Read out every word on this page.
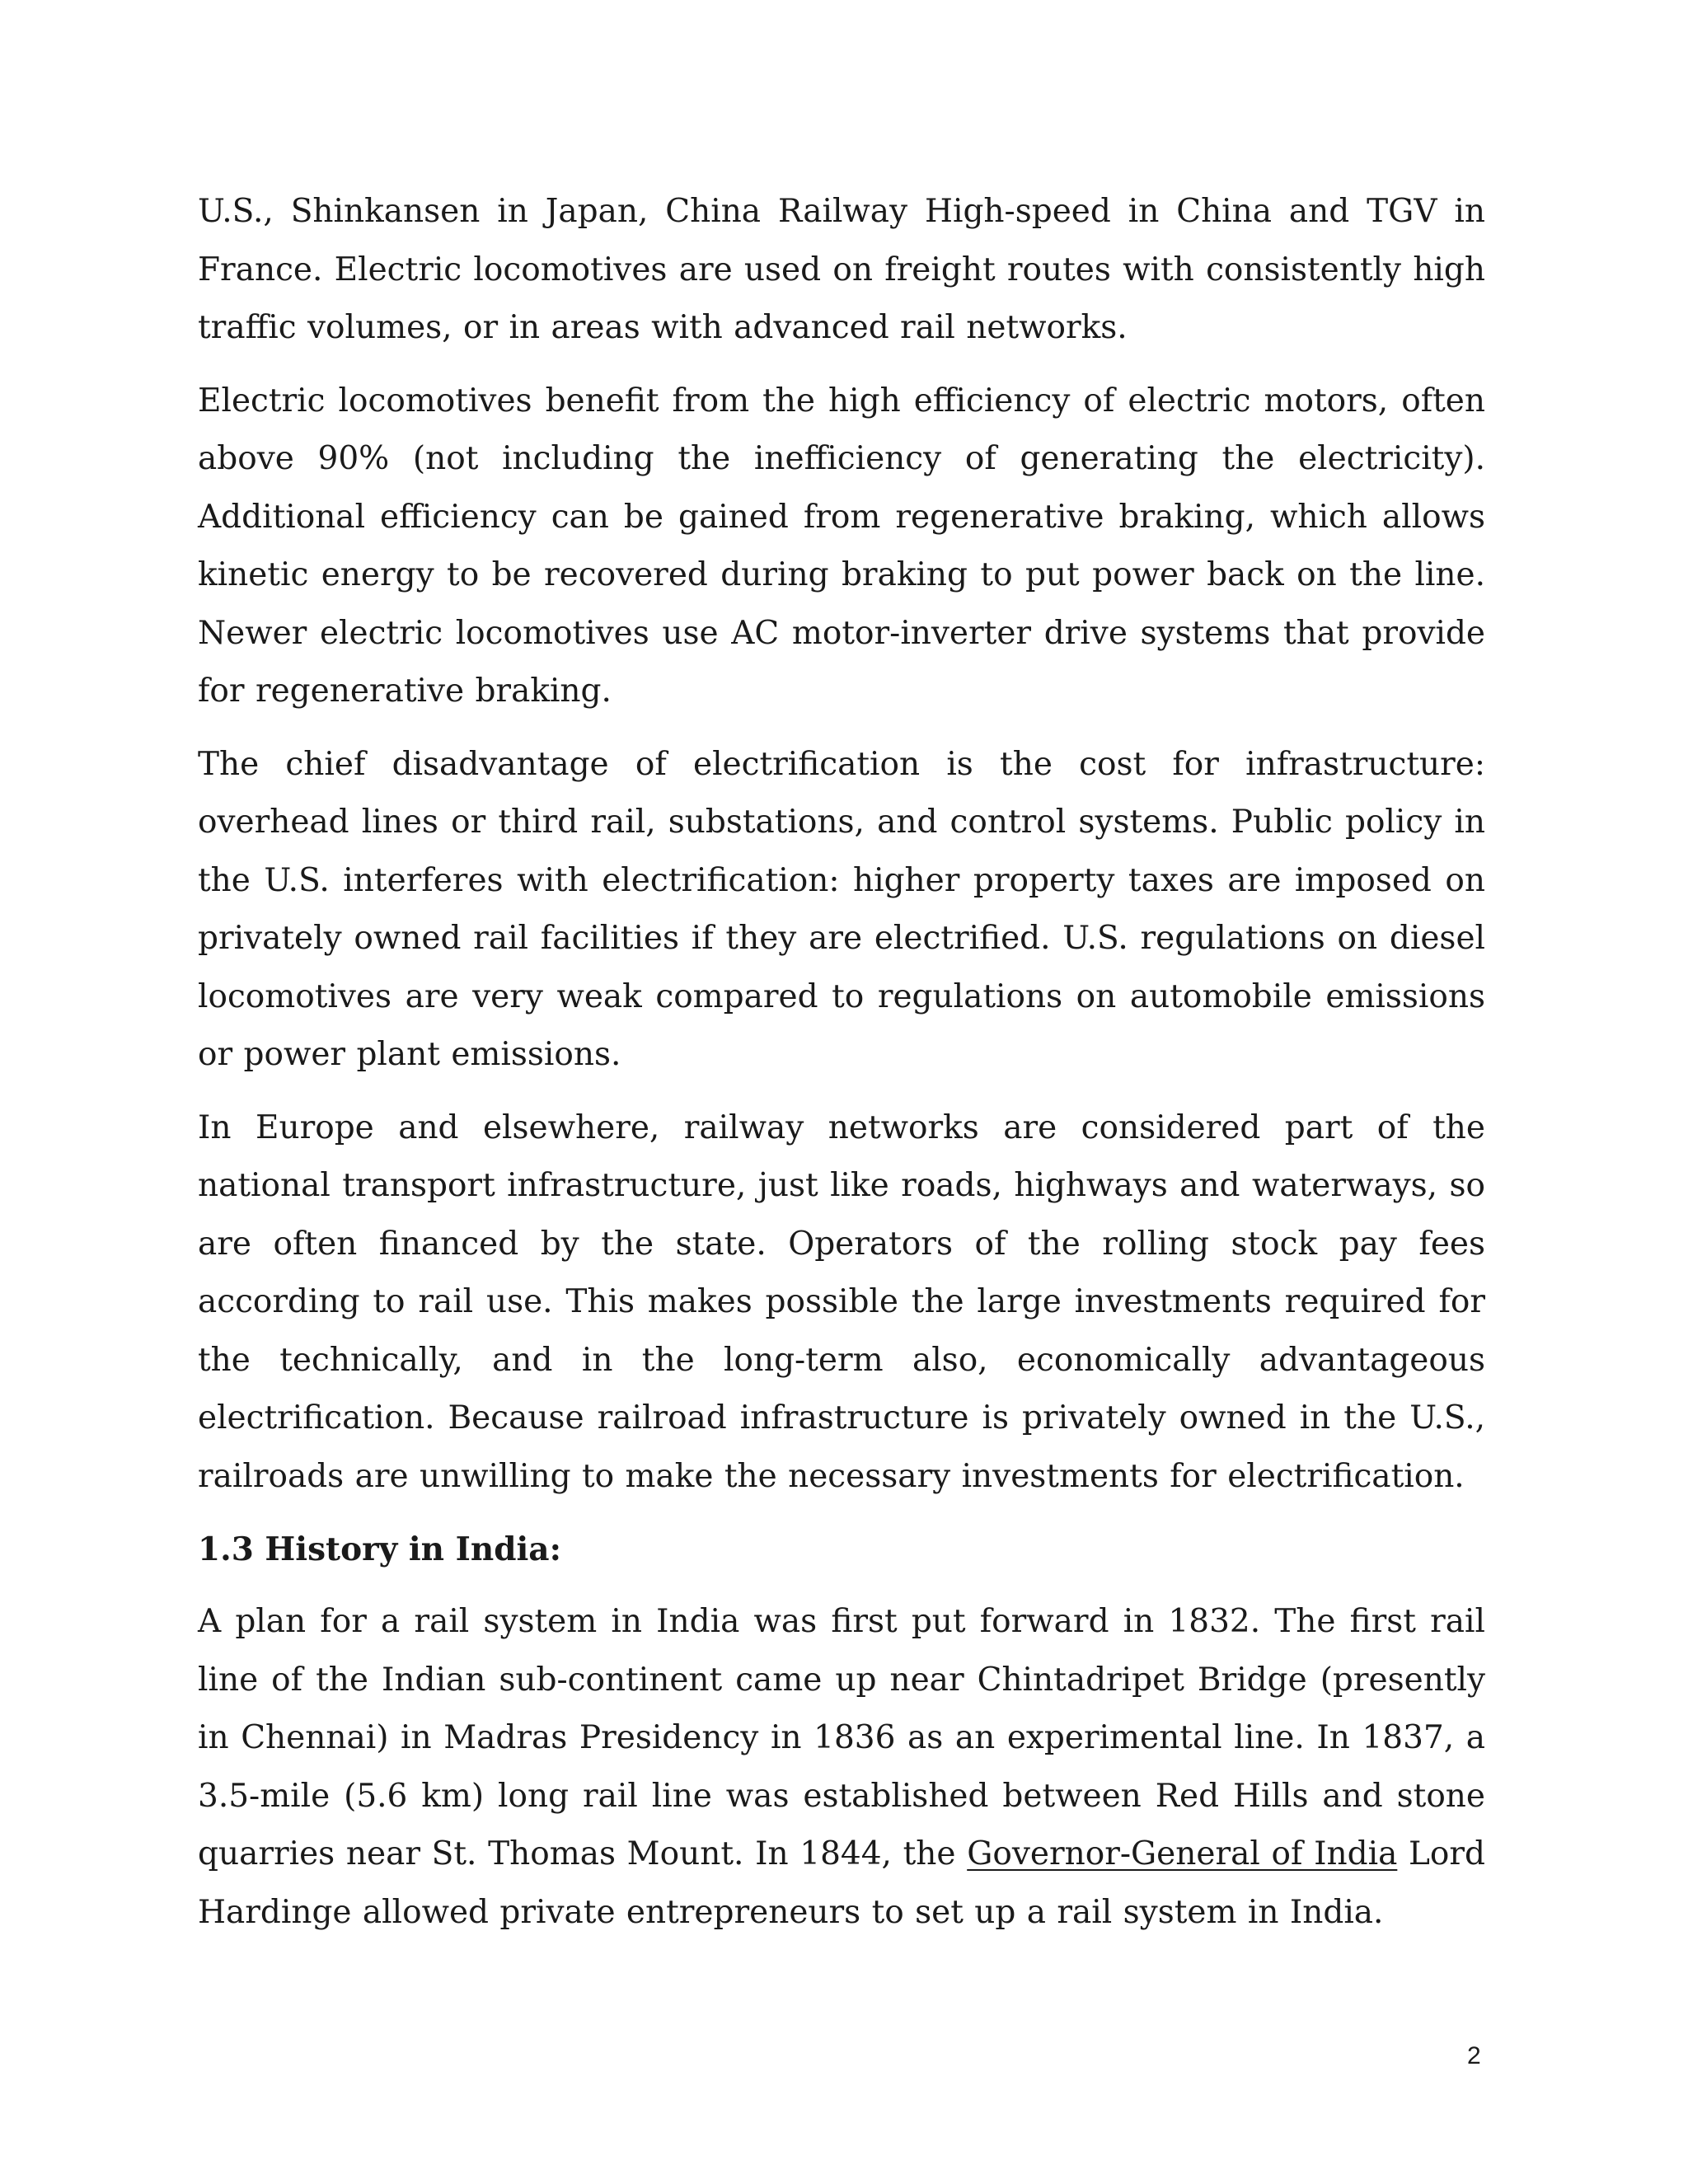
U.S., Shinkansen in Japan, China Railway High-speed in China and TGV in France. Electric locomotives are used on freight routes with consistently high traffic volumes, or in areas with advanced rail networks.

Electric locomotives benefit from the high efficiency of electric motors, often above 90% (not including the inefficiency of generating the electricity). Additional efficiency can be gained from regenerative braking, which allows kinetic energy to be recovered during braking to put power back on the line. Newer electric locomotives use AC motor-inverter drive systems that provide for regenerative braking.

The chief disadvantage of electrification is the cost for infrastructure: overhead lines or third rail, substations, and control systems. Public policy in the U.S. interferes with electrification: higher property taxes are imposed on privately owned rail facilities if they are electrified. U.S. regulations on diesel locomotives are very weak compared to regulations on automobile emissions or power plant emissions.

In Europe and elsewhere, railway networks are considered part of the national transport infrastructure, just like roads, highways and waterways, so are often financed by the state. Operators of the rolling stock pay fees according to rail use. This makes possible the large investments required for the technically, and in the long-term also, economically advantageous electrification. Because railroad infrastructure is privately owned in the U.S., railroads are unwilling to make the necessary investments for electrification.

1.3 History in India:

A plan for a rail system in India was first put forward in 1832. The first rail line of the Indian sub-continent came up near Chintadripet Bridge (presently in Chennai) in Madras Presidency in 1836 as an experimental line. In 1837, a 3.5-mile (5.6 km) long rail line was established between Red Hills and stone quarries near St. Thomas Mount. In 1844, the Governor-General of India Lord Hardinge allowed private entrepreneurs to set up a rail system in India.

2
